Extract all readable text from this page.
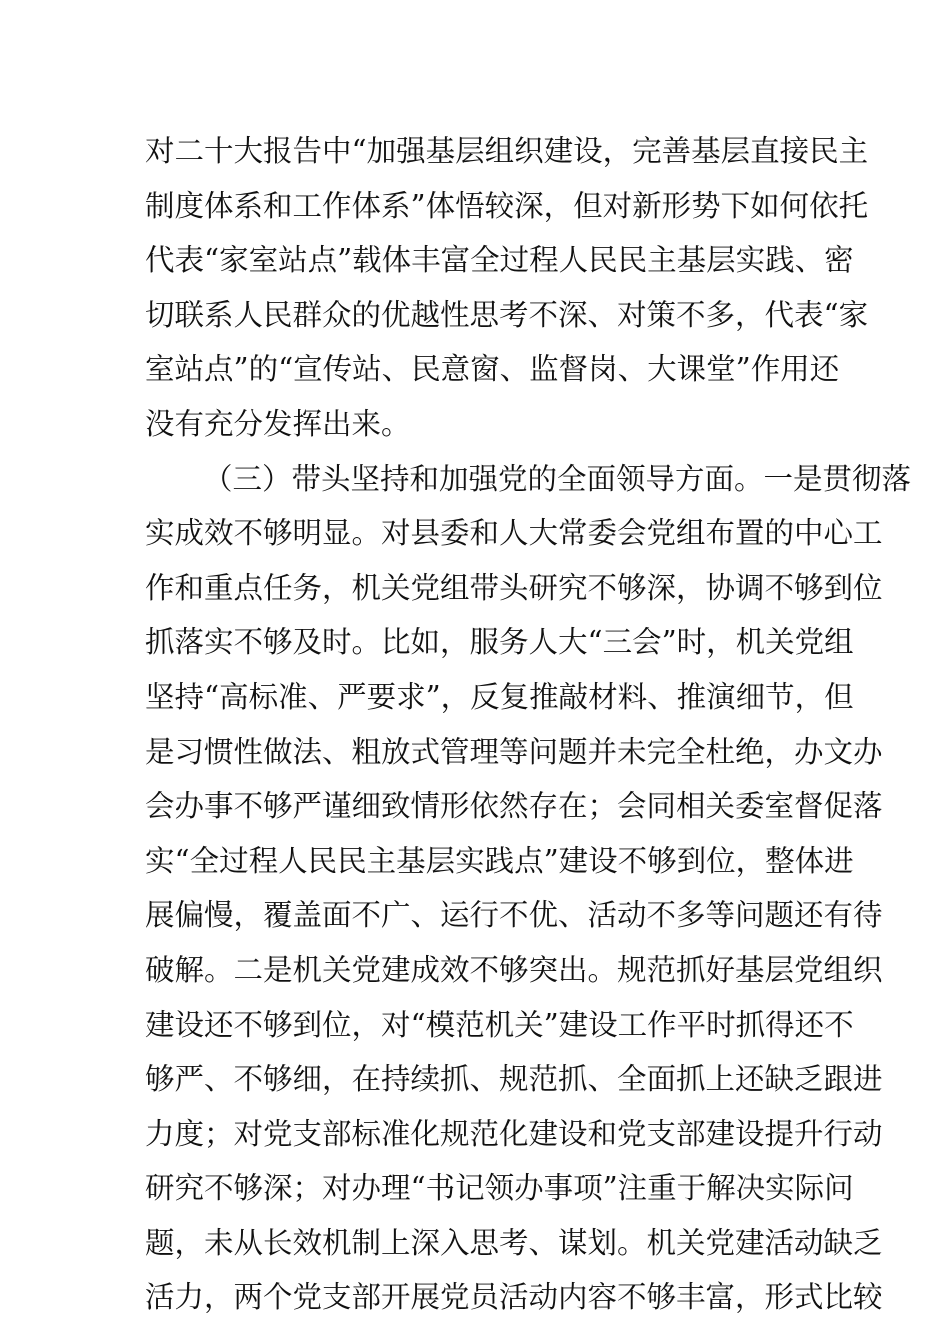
对二十大报告中“加强基层组织建设，完善基层直接民主
制度体系和工作体系”体悟较深，但对新形势下如何依托
代表“家室站点”载体丰富全过程人民民主基层实践、密
切联系人民群众的优越性思考不深、对策不多，代表“家
室站点”的“宣传站、民意窗、监督岗、大课堂”作用还
没有充分发挥出来。
（三）带头坚持和加强党的全面领导方面。一是贯彻落
实成效不够明显。对县委和人大常委会党组布置的中心工
作和重点任务，机关党组带头研究不够深，协调不够到位
抓落实不够及时。比如，服务人大“三会”时，机关党组
坚持“高标准、严要求”，反复推敲材料、推演细节，但
是习惯性做法、粗放式管理等问题并未完全杜绝，办文办
会办事不够严谨细致情形依然存在；会同相关委室督促落
实“全过程人民民主基层实践点”建设不够到位，整体进
展偏慢，覆盖面不广、运行不优、活动不多等问题还有待
破解。二是机关党建成效不够突出。规范抓好基层党组织
建设还不够到位，对“模范机关”建设工作平时抓得还不
够严、不够细，在持续抓、规范抓、全面抓上还缺乏跟进
力度；对党支部标准化规范化建设和党支部建设提升行动
研究不够深；对办理“书记领办事项”注重于解决实际问
题，未从长效机制上深入思考、谋划。机关党建活动缺乏
活力，两个党支部开展党员活动内容不够丰富，形式比较
